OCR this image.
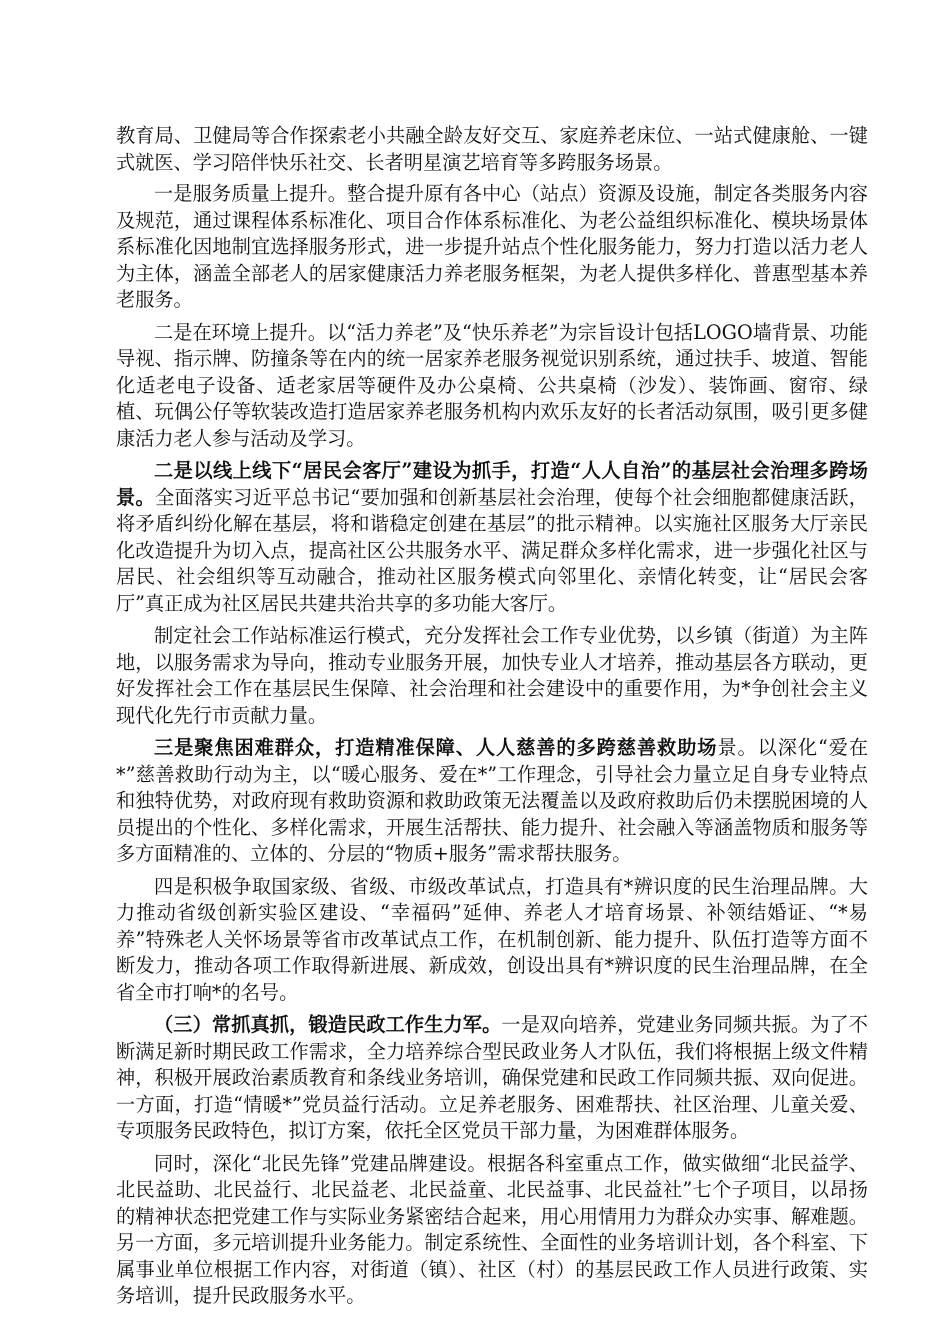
教育局、卫健局等合作探索老小共融全龄友好交互、家庭养老床位、一站式健康舱、一键式就医、学习陪伴快乐社交、长者明星演艺培育等多跨服务场景。

一是服务质量上提升。整合提升原有各中心（站点）资源及设施，制定各类服务内容及规范，通过课程体系标准化、项目合作体系标准化、为老公益组织标准化、模块场景体系标准化因地制宜选择服务形式，进一步提升站点个性化服务能力，努力打造以活力老人为主体，涵盖全部老人的居家健康活力养老服务框架，为老人提供多样化、普惠型基本养老服务。

二是在环境上提升。以“活力养老”及“快乐养老”为宗旨设计包括LOGO墙背景、功能导视、指示牌、防撞条等在内的统一居家养老服务视觉识别系统，通过扶手、坡道、智能化适老电子设备、适老家居等硬件及办公桌椅、公共桌椅（沙发）、装饰画、窗帘、绿植、玩偶公仔等软装改造打造居家养老服务机构内欢乐友好的长者活动氛围，吸引更多健康活力老人参与活动及学习。

二是以线上线下“居民会客厅”建设为抓手，打造“人人自治”的基层社会治理多跨场景。全面落实习近平总书记“要加强和创新基层社会治理，使每个社会细胞都健康活跃，将矛盾纠纷化解在基层，将和谐稳定创建在基层”的批示精神。以实施社区服务大厅亲民化改造提升为切入点，提高社区公共服务水平、满足群众多样化需求，进一步强化社区与居民、社会组织等互动融合，推动社区服务模式向邻里化、亲情化转变，让“居民会客厅”真正成为社区居民共建共治共享的多功能大客厅。

制定社会工作站标准运行模式，充分发挥社会工作专业优势，以乡镇（街道）为主阵地，以服务需求为导向，推动专业服务开展，加快专业人才培养，推动基层各方联动，更好发挥社会工作在基层民生保障、社会治理和社会建设中的重要作用，为*争创社会主义现代化先行市贡献力量。

三是聚焦困难群众，打造精准保障、人人慈善的多跨慈善救助场景。以深化“爱在*”慈善救助行动为主，以“暖心服务、爱在*”工作理念，引导社会力量立足自身专业特点和独特优势，对政府现有救助资源和救助政策无法覆盖以及政府救助后仍未摆脱困境的人员提出的个性化、多样化需求，开展生活帮扶、能力提升、社会融入等涵盖物质和服务等多方面精准的、立体的、分层的“物质+服务”需求帮扶服务。

四是积极争取国家级、省级、市级改革试点，打造具有*辨识度的民生治理品牌。大力推动省级创新实验区建设、“幸福码”延伸、养老人才培育场景、补领结婚证、“*易养”特殊老人关怀场景等省市改革试点工作，在机制创新、能力提升、队伍打造等方面不断发力，推动各项工作取得新进展、新成效，创设出具有*辨识度的民生治理品牌，在全省全市打响*的名号。

（三）常抓真抓，锻造民政工作生力军。一是双向培养，党建业务同频共振。为了不断满足新时期民政工作需求，全力培养综合型民政业务人才队伍，我们将根据上级文件精神，积极开展政治素质教育和条线业务培训，确保党建和民政工作同频共振、双向促进。一方面，打造“情暖*”党员益行活动。立足养老服务、困难帮扶、社区治理、儿童关爱、专项服务民政特色，拟订方案，依托全区党员干部力量，为困难群体服务。

同时，深化“北民先锋”党建品牌建设。根据各科室重点工作，做实做细“北民益学、北民益助、北民益行、北民益老、北民益童、北民益事、北民益社”七个子项目，以昂扬的精神状态把党建工作与实际业务紧密结合起来，用心用情用力为群众办实事、解难题。另一方面，多元培训提升业务能力。制定系统性、全面性的业务培训计划，各个科室、下属事业单位根据工作内容，对街道（镇）、社区（村）的基层民政工作人员进行政策、实务培训，提升民政服务水平。
